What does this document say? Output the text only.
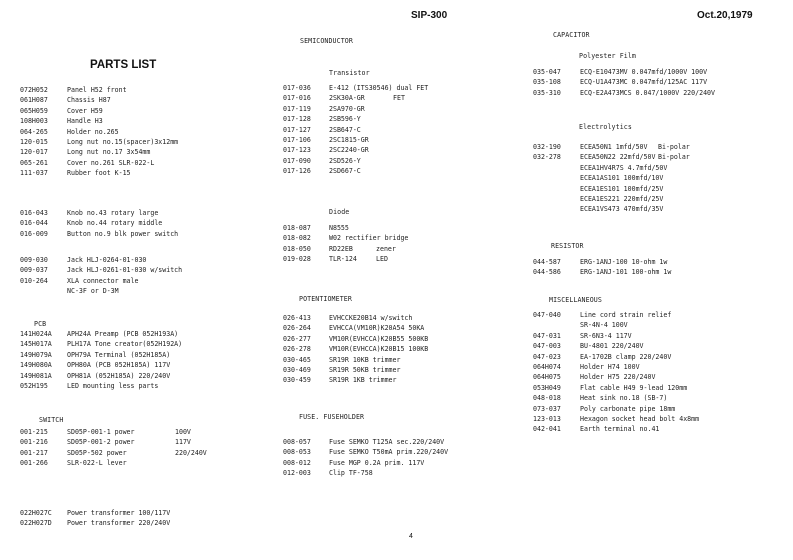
SIP-300	Oct.20,1979
PARTS LIST
072H052	Panel H52 front
061H087	Chassis H87
065H059	Cover H59
108H003	Handle H3
064-265	Holder no.265
120-015	Long nut no.15(spacer)3x12mm
120-017	Long nut no.17 3x54mm
065-261	Cover no.261 SLR-022-L
111-037	Rubber foot K-15
016-043	Knob no.43 rotary large
016-044	Knob no.44 rotary middle
016-009	Button no.9 blk power switch
009-030	Jack HLJ-0264-01-030
009-037	Jack HLJ-0261-01-030 w/switch
010-264	XLA connector male
NC-3F or D-3M
PCB
141H024A APH24A Preamp (PCB 052H193A)
145H017A PLH17A Tone creator(052H192A)
149H079A OPH79A Terminal (052H185A)
149H080A OPH80A (PCB 052H185A) 117V
149H081A OPH81A (052H185A) 220/240V
052H195	LED mounting less parts
SWITCH
001-215	SD05P-001-1 power	100V
001-216	SD05P-001-2 power	117V
001-217	SD05P-502 power	220/240V
001-266	SLR-022-L lever
022H027C Power transformer 100/117V
022H027D Power transformer 220/240V
SEMICONDUCTOR
Transistor
017-036	E-412 (ITS30546) dual FET
017-016	2SK30A-GR	FET
017-119	2SA970-GR
017-128	2SB596-Y
017-127	2SB647-C
017-106	2SC1815-GR
017-123	2SC2240-GR
017-090	2SD526-Y
017-126	2SD667-C
Diode
018-087	N8555
018-082	W02 rectifier bridge
018-050	RD22EB	zener
019-028	TLR-124	LED
POTENTIOMETER
026-413	EVHCCKE20B14 w/switch
026-264	EVHCCA(VM10R)K20A54 50KA
026-277	VM10R(EVHCCA)K20B55 500KB
026-278	VM10R(EVHCCA)K20B15 100KB
030-465	SR19R 10KB trimmer
030-469	SR19R 50KB trimmer
030-459	SR19R 1KB trimmer
FUSE. FUSEHOLDER
008-057	Fuse SEMKO T125A sec.220/240V
008-053	Fuse SEMKO T50mA prim.220/240V
008-012	Fuse MGP 0.2A prim. 117V
012-003	Clip TF-758
CAPACITOR
Polyester Film
035-047	ECQ-E10473MV 0.047mfd/1000V 100V
035-108	ECQ-U1A473MC 0.047mfd/125AC 117V
035-310	ECQ-E2A473MCS 0.047/1000V 220/240V
Electrolytics
032-190	ECEA50N1 1mfd/50V Bi-polar
032-278	ECEA50N22 22mfd/50V Bi-polar
ECEA1HV4R7S 4.7mfd/50V
ECEA1AS101 100mfd/10V
ECEA1ES101 100mfd/25V
ECEA1ES221 220mfd/25V
ECEA1VS473 470mfd/35V
RESISTOR
044-587	ERG-1ANJ-100 10-ohm 1w
044-586	ERG-1ANJ-101 100-ohm 1w
MISCELLANEOUS
047-040	Line cord strain relief
SR-4N-4 100V
047-031	SR-6N3-4 117V
047-003	BU-4801 220/240V
047-023	EA-1702B clamp 220/240V
064H074	Holder H74 100V
064H075	Holder H75 220/240V
053H049	Flat cable H49 9-lead 120mm
048-018	Heat sink no.18 (SB-7)
073-037	Poly carbonate pipe 18mm
123-013	Hexagon socket head bolt 4x8mm
042-041	Earth terminal no.41
4
